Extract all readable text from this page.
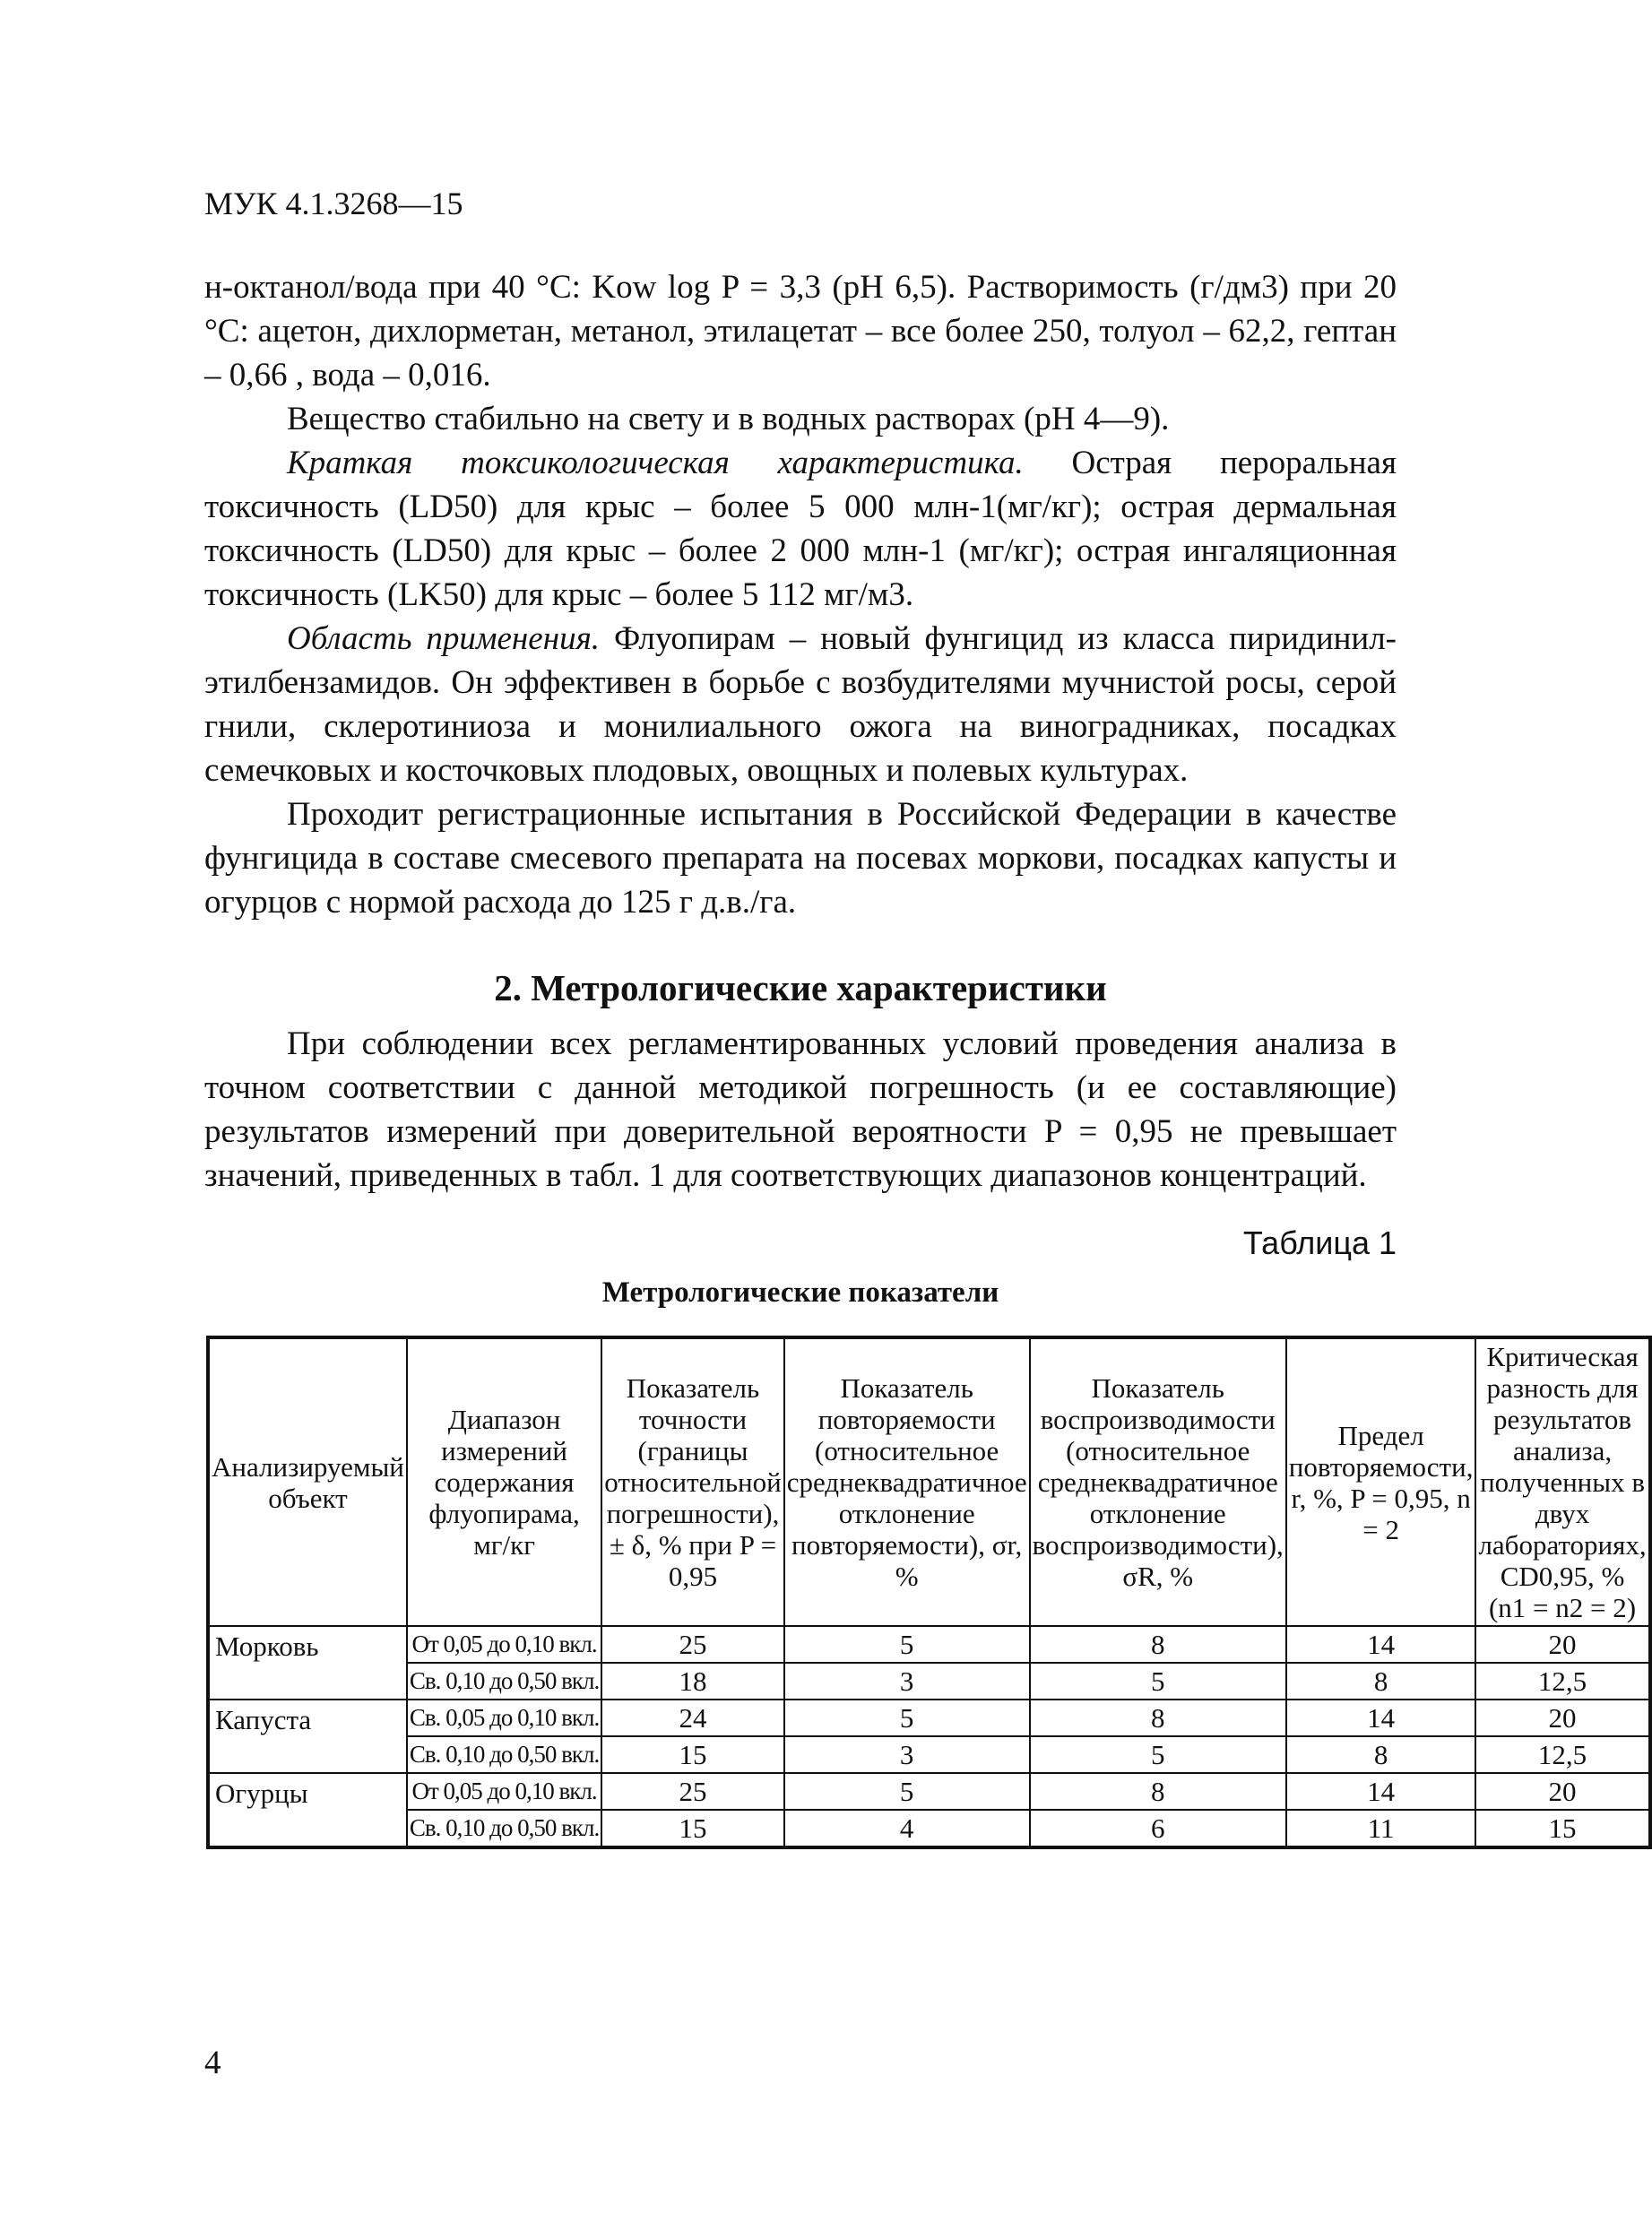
МУК 4.1.3268—15

н-октанол/вода при 40 °С: Kow log P = 3,3 (pH 6,5). Растворимость (г/дм3) при 20 °С: ацетон, дихлорметан, метанол, этилацетат – все более 250, толуол – 62,2, гептан – 0,66 , вода – 0,016.

Вещество стабильно на свету и в водных растворах (pH 4—9).

Краткая токсикологическая характеристика. Острая пероральная токсичность (LD50) для крыс – более 5 000 млн-1(мг/кг); острая дермальная токсичность (LD50) для крыс – более 2 000 млн-1 (мг/кг); острая ингаляционная токсичность (LK50) для крыс – более 5 112 мг/м3.

Область применения. Флуопирам – новый фунгицид из класса пиридинил-этилбензамидов. Он эффективен в борьбе с возбудителями мучнистой росы, серой гнили, склеротиниоза и монилиального ожога на виноградниках, посадках семечковых и косточковых плодовых, овощных и полевых культурах.

Проходит регистрационные испытания в Российской Федерации в качестве фунгицида в составе смесевого препарата на посевах моркови, посадках капусты и огурцов с нормой расхода до 125 г д.в./га.

2. Метрологические характеристики

При соблюдении всех регламентированных условий проведения анализа в точном соответствии с данной методикой погрешность (и ее составляющие) результатов измерений при доверительной вероятности P = 0,95 не превышает значений, приведенных в табл. 1 для соответствующих диапазонов концентраций.

Таблица 1
Метрологические показатели
Анализируемый объект	Диапазон измерений содержания флуопирама, мг/кг	Показатель точности (границы относительной погрешности), ± δ, % при P = 0,95	Показатель повторяемости (относительное среднеквадратичное отклонение повторяемости), σr, %	Показатель воспроизводимости (относительное среднеквадратичное отклонение воспроизводимости), σR, %	Предел повторяемости, r, %, P = 0,95, n = 2	Критическая разность для результатов анализа, полученных в двух лабораториях, CD0,95, % (n1 = n2 = 2)
Морковь	От 0,05 до 0,10 вкл.	25	5	8	14	20
	Св. 0,10 до 0,50 вкл.	18	3	5	8	12,5
Капуста	Св. 0,05 до 0,10 вкл.	24	5	8	14	20
	Св. 0,10 до 0,50 вкл.	15	3	5	8	12,5
Огурцы	От 0,05 до 0,10 вкл.	25	5	8	14	20
	Св. 0,10 до 0,50 вкл.	15	4	6	11	15
4
